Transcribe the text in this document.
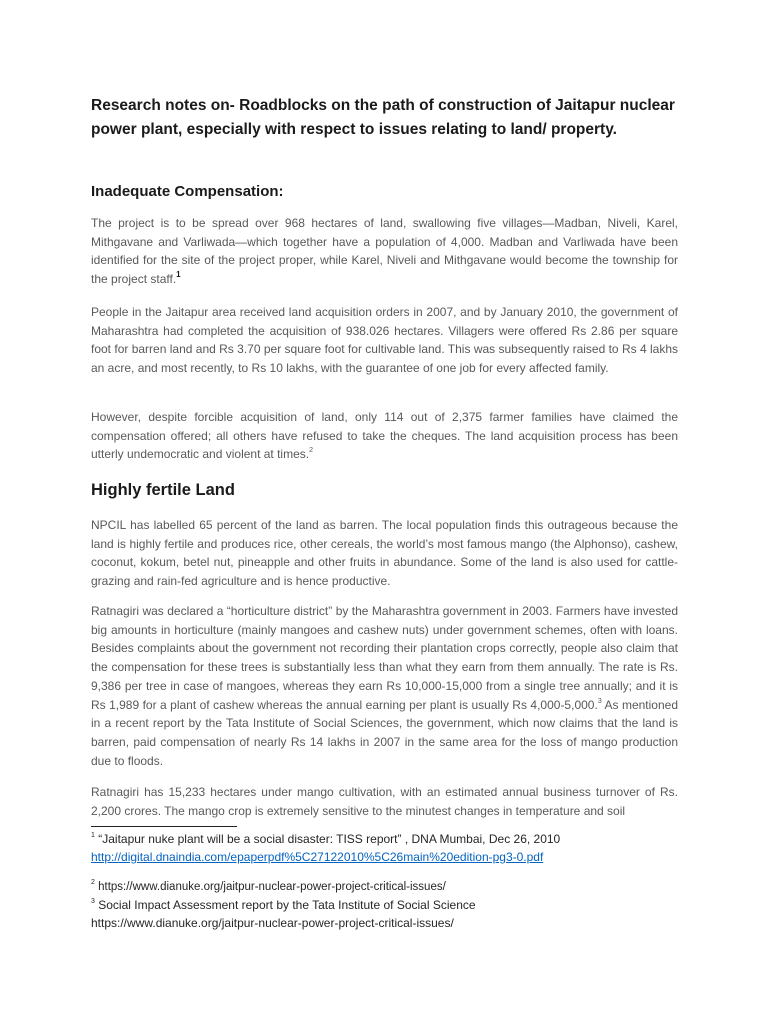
Research notes on- Roadblocks on the path of construction of Jaitapur nuclear power plant, especially with respect to issues relating to land/ property.
Inadequate Compensation:

The project is to be spread over 968 hectares of land, swallowing five villages—Madban, Niveli, Karel, Mithgavane and Varliwada—which together have a population of 4,000. Madban and Varliwada have been identified for the site of the project proper, while Karel, Niveli and Mithgavane would become the township for the project staff.$^1$

People in the Jaitapur area received land acquisition orders in 2007, and by January 2010, the government of Maharashtra had completed the acquisition of 938.026 hectares. Villagers were offered Rs 2.86 per square foot for barren land and Rs 3.70 per square foot for cultivable land. This was subsequently raised to Rs 4 lakhs an acre, and most recently, to Rs 10 lakhs, with the guarantee of one job for every affected family.

However, despite forcible acquisition of land, only 114 out of 2,375 farmer families have claimed the compensation offered; all others have refused to take the cheques. The land acquisition process has been utterly undemocratic and violent at times.$^2$

Highly fertile Land

NPCIL has labelled 65 percent of the land as barren. The local population finds this outrageous because the land is highly fertile and produces rice, other cereals, the world’s most famous mango (the Alphonso), cashew, coconut, kokum, betel nut, pineapple and other fruits in abundance. Some of the land is also used for cattle-grazing and rain-fed agriculture and is hence productive.

Ratnagiri was declared a “horticulture district” by the Maharashtra government in 2003. Farmers have invested big amounts in horticulture (mainly mangoes and cashew nuts) under government schemes, often with loans. Besides complaints about the government not recording their plantation crops correctly, people also claim that the compensation for these trees is substantially less than what they earn from them annually. The rate is Rs. 9,386 per tree in case of mangoes, whereas they earn Rs 10,000-15,000 from a single tree annually; and it is Rs 1,989 for a plant of cashew whereas the annual earning per plant is usually Rs 4,000-5,000.$^3$ As mentioned in a recent report by the Tata Institute of Social Sciences, the government, which now claims that the land is barren, paid compensation of nearly Rs 14 lakhs in 2007 in the same area for the loss of mango production due to floods.

Ratnagiri has 15,233 hectares under mango cultivation, with an estimated annual business turnover of Rs. 2,200 crores. The mango crop is extremely sensitive to the minutest changes in temperature and soil

$^1$ “Jaitapur nuke plant will be a social disaster: TISS report” , DNA Mumbai, Dec 26, 2010

http://digital.dnaindia.com/epaperpdf%5C27122010%5C26main%20edition-pg3-0.pdf

$^2$ https://www.dianuke.org/jaitpur-nuclear-power-project-critical-issues/

$^3$ Social Impact Assessment report by the Tata Institute of Social Science

https://www.dianuke.org/jaitpur-nuclear-power-project-critical-issues/
